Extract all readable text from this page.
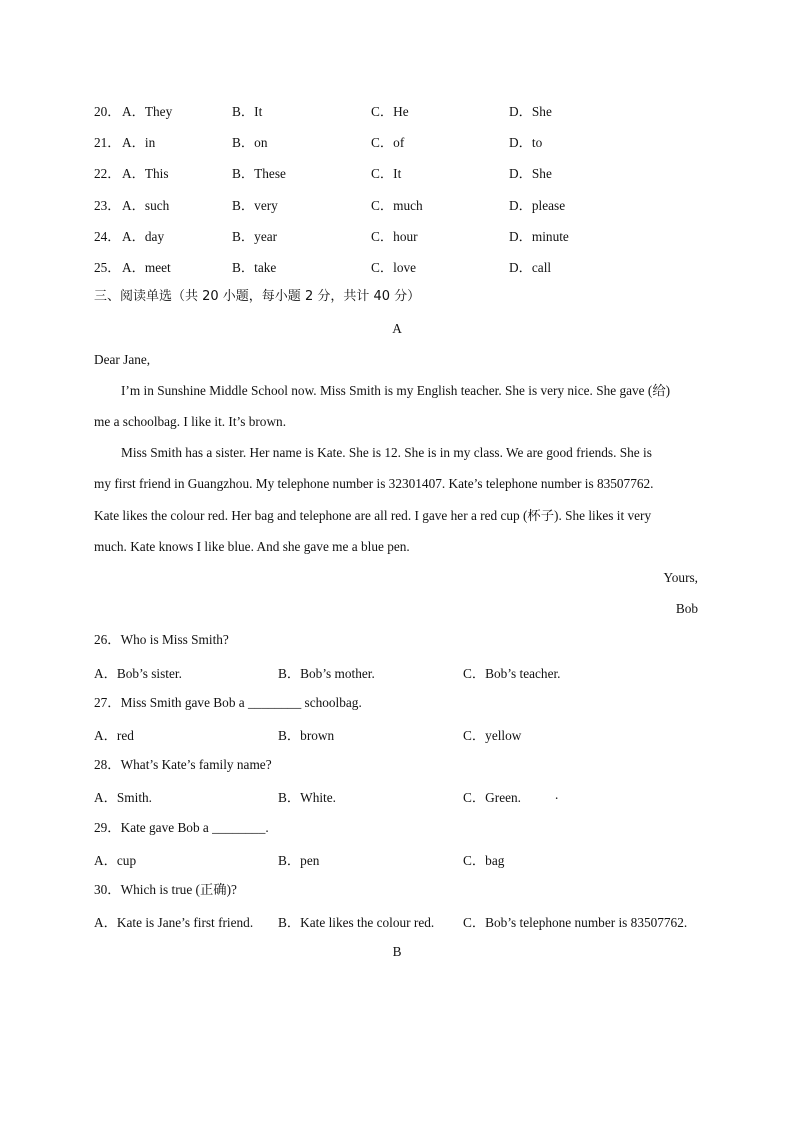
20． A．They	B．It	C．He	D．She
21． A．in	B．on	C．of	D．to
22． A．This	B．These	C．It	D．She
23． A．such	B．very	C．much	D．please
24． A．day	B．year	C．hour	D．minute
25． A．meet	B．take	C．love	D．call
三、阅读单选（共 20 小题，每小题 2 分，共计 40 分）
A
Dear Jane,
I’m in Sunshine Middle School now. Miss Smith is my English teacher. She is very nice. She gave (给)
me a schoolbag. I like it. It’s brown.
Miss Smith has a sister. Her name is Kate. She is 12. She is in my class. We are good friends. She is
my first friend in Guangzhou. My telephone number is 32301407. Kate’s telephone number is 83507762.
Kate likes the colour red. Her bag and telephone are all red. I gave her a red cup (杯子). She likes it very
much. Kate knows I like blue. And she gave me a blue pen.
Yours,
Bob
26．Who is Miss Smith?
A．Bob’s sister.	B．Bob’s mother.	C．Bob’s teacher.
27．Miss Smith gave Bob a ________ schoolbag.
A．red	B．brown	C．yellow
28．What’s Kate’s family name?
A．Smith.	B．White.	C．Green.	.
29．Kate gave Bob a ________.
A．cup	B．pen	C．bag
30．Which is true (正确)?
A．Kate is Jane’s first friend. B．Kate likes the colour red. C．Bob’s telephone number is 83507762.
B
